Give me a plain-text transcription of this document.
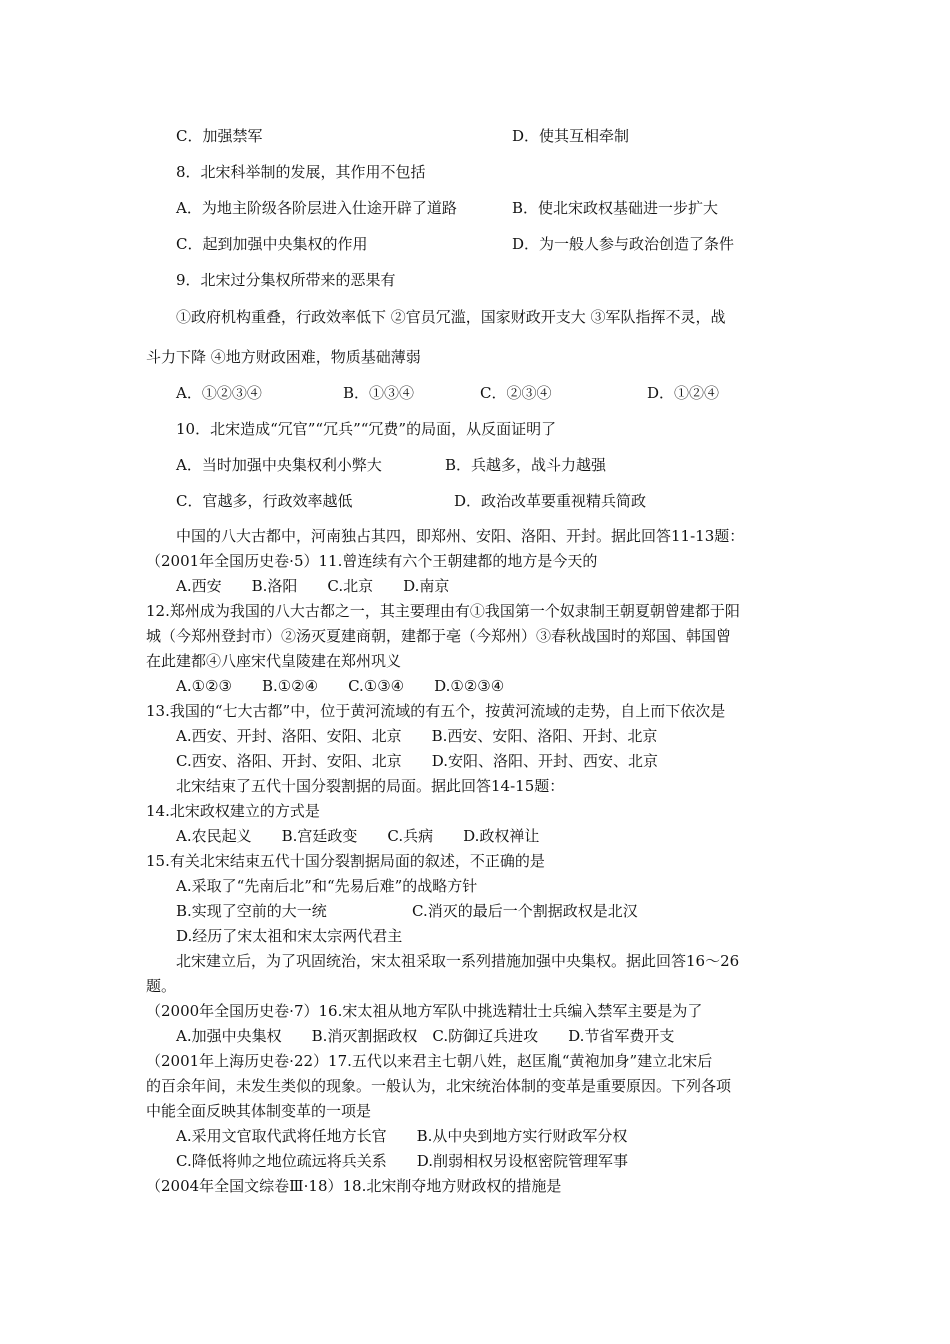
C．加强禁军	D．使其互相牵制
8．北宋科举制的发展，其作用不包括
A．为地主阶级各阶层进入仕途开辟了道路	B．使北宋政权基础进一步扩大
C．起到加强中央集权的作用	D．为一般人参与政治创造了条件
9．北宋过分集权所带来的恶果有
①政府机构重叠，行政效率低下 ②官员冗滥，国家财政开支大 ③军队指挥不灵，战
斗力下降 ④地方财政困难，物质基础薄弱
A．①②③④	B．①③④	C．②③④	D．①②④
10．北宋造成“冗官”“冗兵”“冗费”的局面，从反面证明了
A．当时加强中央集权利小弊大	B．兵越多，战斗力越强
C．官越多，行政效率越低	D．政治改革要重视精兵简政
中国的八大古都中，河南独占其四，即郑州、安阳、洛阳、开封。据此回答11-13题：
（2001年全国历史卷·5）11.曾连续有六个王朝建都的地方是今天的
A.西安　　B.洛阳　　C.北京　　D.南京
12.郑州成为我国的八大古都之一，其主要理由有①我国第一个奴隶制王朝夏朝曾建都于阳
城（今郑州登封市）②汤灭夏建商朝，建都于亳（今郑州）③春秋战国时的郑国、韩国曾
在此建都④八座宋代皇陵建在郑州巩义
A.①②③　　B.①②④　　C.①③④　　D.①②③④
13.我国的“七大古都”中，位于黄河流域的有五个，按黄河流域的走势，自上而下依次是
A.西安、开封、洛阳、安阳、北京　　B.西安、安阳、洛阳、开封、北京
C.西安、洛阳、开封、安阳、北京　　D.安阳、洛阳、开封、西安、北京
北宋结束了五代十国分裂割据的局面。据此回答14-15题：
14.北宋政权建立的方式是
A.农民起义　　B.宫廷政变　　C.兵病　　D.政权禅让
15.有关北宋结束五代十国分裂割据局面的叙述，不正确的是
A.采取了“先南后北”和“先易后难”的战略方针
B.实现了空前的大一统	C.消灭的最后一个割据政权是北汉
D.经历了宋太祖和宋太宗两代君主
北宋建立后，为了巩固统治，宋太祖采取一系列措施加强中央集权。据此回答16～26
题。
（2000年全国历史卷·7）16.宋太祖从地方军队中挑选精壮士兵编入禁军主要是为了
A.加强中央集权　　B.消灭割据政权　C.防御辽兵进攻　　D.节省军费开支
（2001年上海历史卷·22）17.五代以来君主七朝八姓，赵匡胤“黄袍加身”建立北宋后
的百余年间，未发生类似的现象。一般认为，北宋统治体制的变革是重要原因。下列各项
中能全面反映其体制变革的一项是
A.采用文官取代武将任地方长官　　B.从中央到地方实行财政军分权
C.降低将帅之地位疏远将兵关系　　D.削弱相权另设枢密院管理军事
（2004年全国文综卷Ⅲ·18）18.北宋削夺地方财政权的措施是
